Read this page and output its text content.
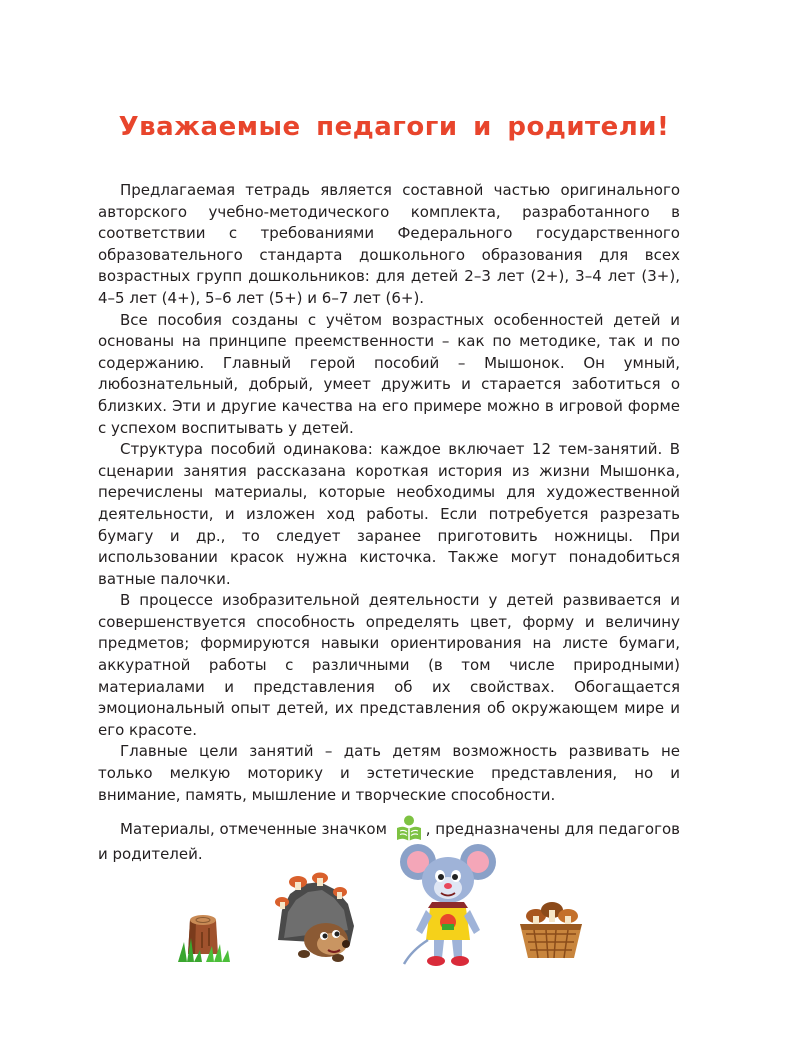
Уважаемые педагоги и родители!

Предлагаемая тетрадь является составной частью оригинального авторского учебно-методического комплекта, разработанного в соответствии с требованиями Федерального государственного образовательного стандарта дошкольного образования для всех возрастных групп дошкольников: для детей 2–3 лет (2+), 3–4 лет (3+), 4–5 лет (4+), 5–6 лет (5+) и 6–7 лет (6+).

Все пособия созданы с учётом возрастных особенностей детей и основаны на принципе преемственности – как по методике, так и по содержанию. Главный герой пособий – Мышонок. Он умный, любознательный, добрый, умеет дружить и старается заботиться о близких. Эти и другие качества на его примере можно в игровой форме с успехом воспитывать у детей.

Структура пособий одинакова: каждое включает 12 тем-занятий. В сценарии занятия рассказана короткая история из жизни Мышонка, перечислены материалы, которые необходимы для художественной деятельности, и изложен ход работы. Если потребуется разрезать бумагу и др., то следует заранее приготовить ножницы. При использовании красок нужна кисточка. Также могут понадобиться ватные палочки.

В процессе изобразительной деятельности у детей развивается и совершенствуется способность определять цвет, форму и величину предметов; формируются навыки ориентирования на листе бумаги, аккуратной работы с различными (в том числе природными) материалами и представления об их свойствах. Обогащается эмоциональный опыт детей, их представления об окружающем мире и его красоте.

Главные цели занятий – дать детям возможность развивать не только мелкую моторику и эстетические представления, но и внимание, память, мышление и творческие способности.

Материалы, отмеченные значком	, предназначены для педагогов и родителей.
